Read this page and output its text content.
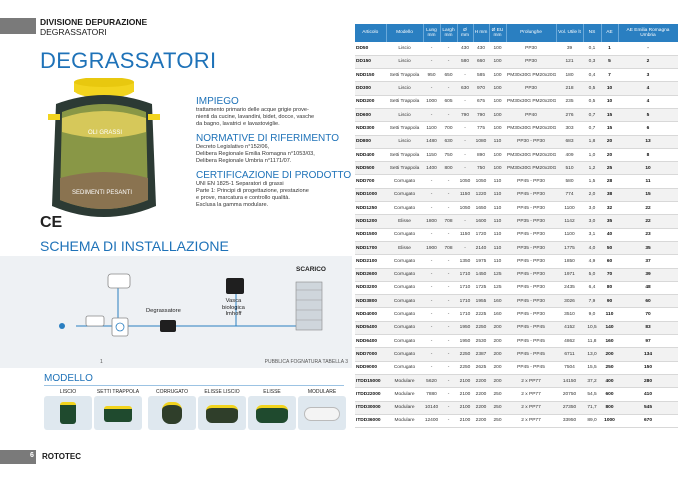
DIVISIONE DEPURAZIONE
DEGRASSATORI
DEGRASSATORI
OLI GRASSI
SEDIMENTI PESANTI
CE
IMPIEGO
trattamento primario delle acque grigie prove-
nienti da cucine, lavandini, bidet, docce, vasche
da bagno, lavatrici e lavastoviglie.
NORMATIVE DI RIFERIMENTO
Decreto Legislativo n°152/06,
Delibera Regionale Emilia Romagna n°1053/03,
Delibera Regionale Umbria n°1171/07.
CERTIFICAZIONE DI PRODOTTO
UNI EN 1825-1 Separatori di grassi
Parte 1: Principi di progettazione, prestazione
e prove, marcatura e controllo qualità.
Esclusa la gamma modulare.
SCHEMA DI INSTALLAZIONE
SCARICO
Degrassatore
Vasca
biologica
Imhoff
1	PUBBLICA FOGNATURA TABELLA 3
MODELLO
LISCIO	SETTI TRAPPOLA	CORRUGATO	ELISSE LISCIO	ELISSE	MODULARE
6 ROTOTEC
Articolo	Modello	Lung mm	Largh mm	Ø mm	H mm	Ø EU mm	Prolunghe	Vol. Utile lt	NS	AE	AE Emilia Romagna Umbria
DD50	Liscio	-	-	430	430	100	PP30	39	0,1	1	-
DD150	Liscio	-	-	580	660	100	PP30	121	0,3	5	2
NDD150	Setti Trappola	950	650	-	585	100	PM30x30G PM20x20G	180	0,4	7	3
DD300	Liscio	-	-	630	970	100	PP30	218	0,5	10	4
NDD200	Setti Trappola	1000	605	-	675	100	PM30x30G PM20x20G	235	0,5	10	4
DD600	Liscio	-	-	790	790	100	PP40	276	0,7	15	5
NDD300	Setti Trappola	1100	700	-	775	100	PM30x30G PM20x20G	303	0,7	15	6
DD800	Liscio	1480	630	-	1080	110	PP30 - PP30	683	1,8	20	13
NDD400	Setti Trappola	1150	750	-	890	100	PM30x30G PM20x20G	409	1,0	20	8
NDD500	Setti Trappola	1400	800	-	750	100	PM30x30G PM20x20G	510	1,2	25	10
NDD700	Corrugato	-	-	1050	1050	110	PP45 - PP30	580	1,5	28	11
NDD1000	Corrugato	-	-	1150	1220	110	PP45 - PP30	774	2,0	38	15
NDD1250	Corrugato	-	-	1050	1650	110	PP45 - PP30	1100	3,0	32	22
NDD1200	Elisse	1800	708	-	1600	110	PP35 - PP30	1142	3,0	35	22
NDD1500	Corrugato	-	-	1150	1720	110	PP45 - PP30	1100	3,1	40	23
NDD1700	Elisse	1900	708	-	2140	110	PP35 - PP30	1775	4,0	50	35
NDD2100	Corrugato	-	-	1350	1975	110	PP45 - PP30	1850	4,9	60	37
NDD2600	Corrugato	-	-	1710	1450	125	PP45 - PP30	1971	5,0	70	39
NDD3200	Corrugato	-	-	1710	1725	125	PP45 - PP30	2435	6,4	80	48
NDD3800	Corrugato	-	-	1710	1955	160	PP45 - PP30	3026	7,9	90	60
NDD4000	Corrugato	-	-	1710	2225	160	PP45 - PP30	3510	9,0	110	70
NDD5400	Corrugato	-	-	1950	2250	200	PP45 - PP45	4152	10,5	140	83
NDD6400	Corrugato	-	-	1950	2530	200	PP45 - PP45	4862	11,8	160	97
NDD7000	Corrugato	-	-	2250	2387	200	PP45 - PP45	6711	13,0	200	134
NDD9000	Corrugato	-	-	2250	2625	200	PP45 - PP45	7504	15,5	250	150
ITDD15000	Modulare	5620	-	2100	2200	200	2 x PP77	14150	37,2	400	280
ITDD22000	Modulare	7880	-	2100	2200	250	2 x PP77	20750	54,5	600	410
ITDD30000	Modulare	10140	-	2100	2200	250	2 x PP77	27350	71,7	800	545
ITDD36000	Modulare	12400	-	2100	2200	250	2 x PP77	33950	89,0	1000	670
